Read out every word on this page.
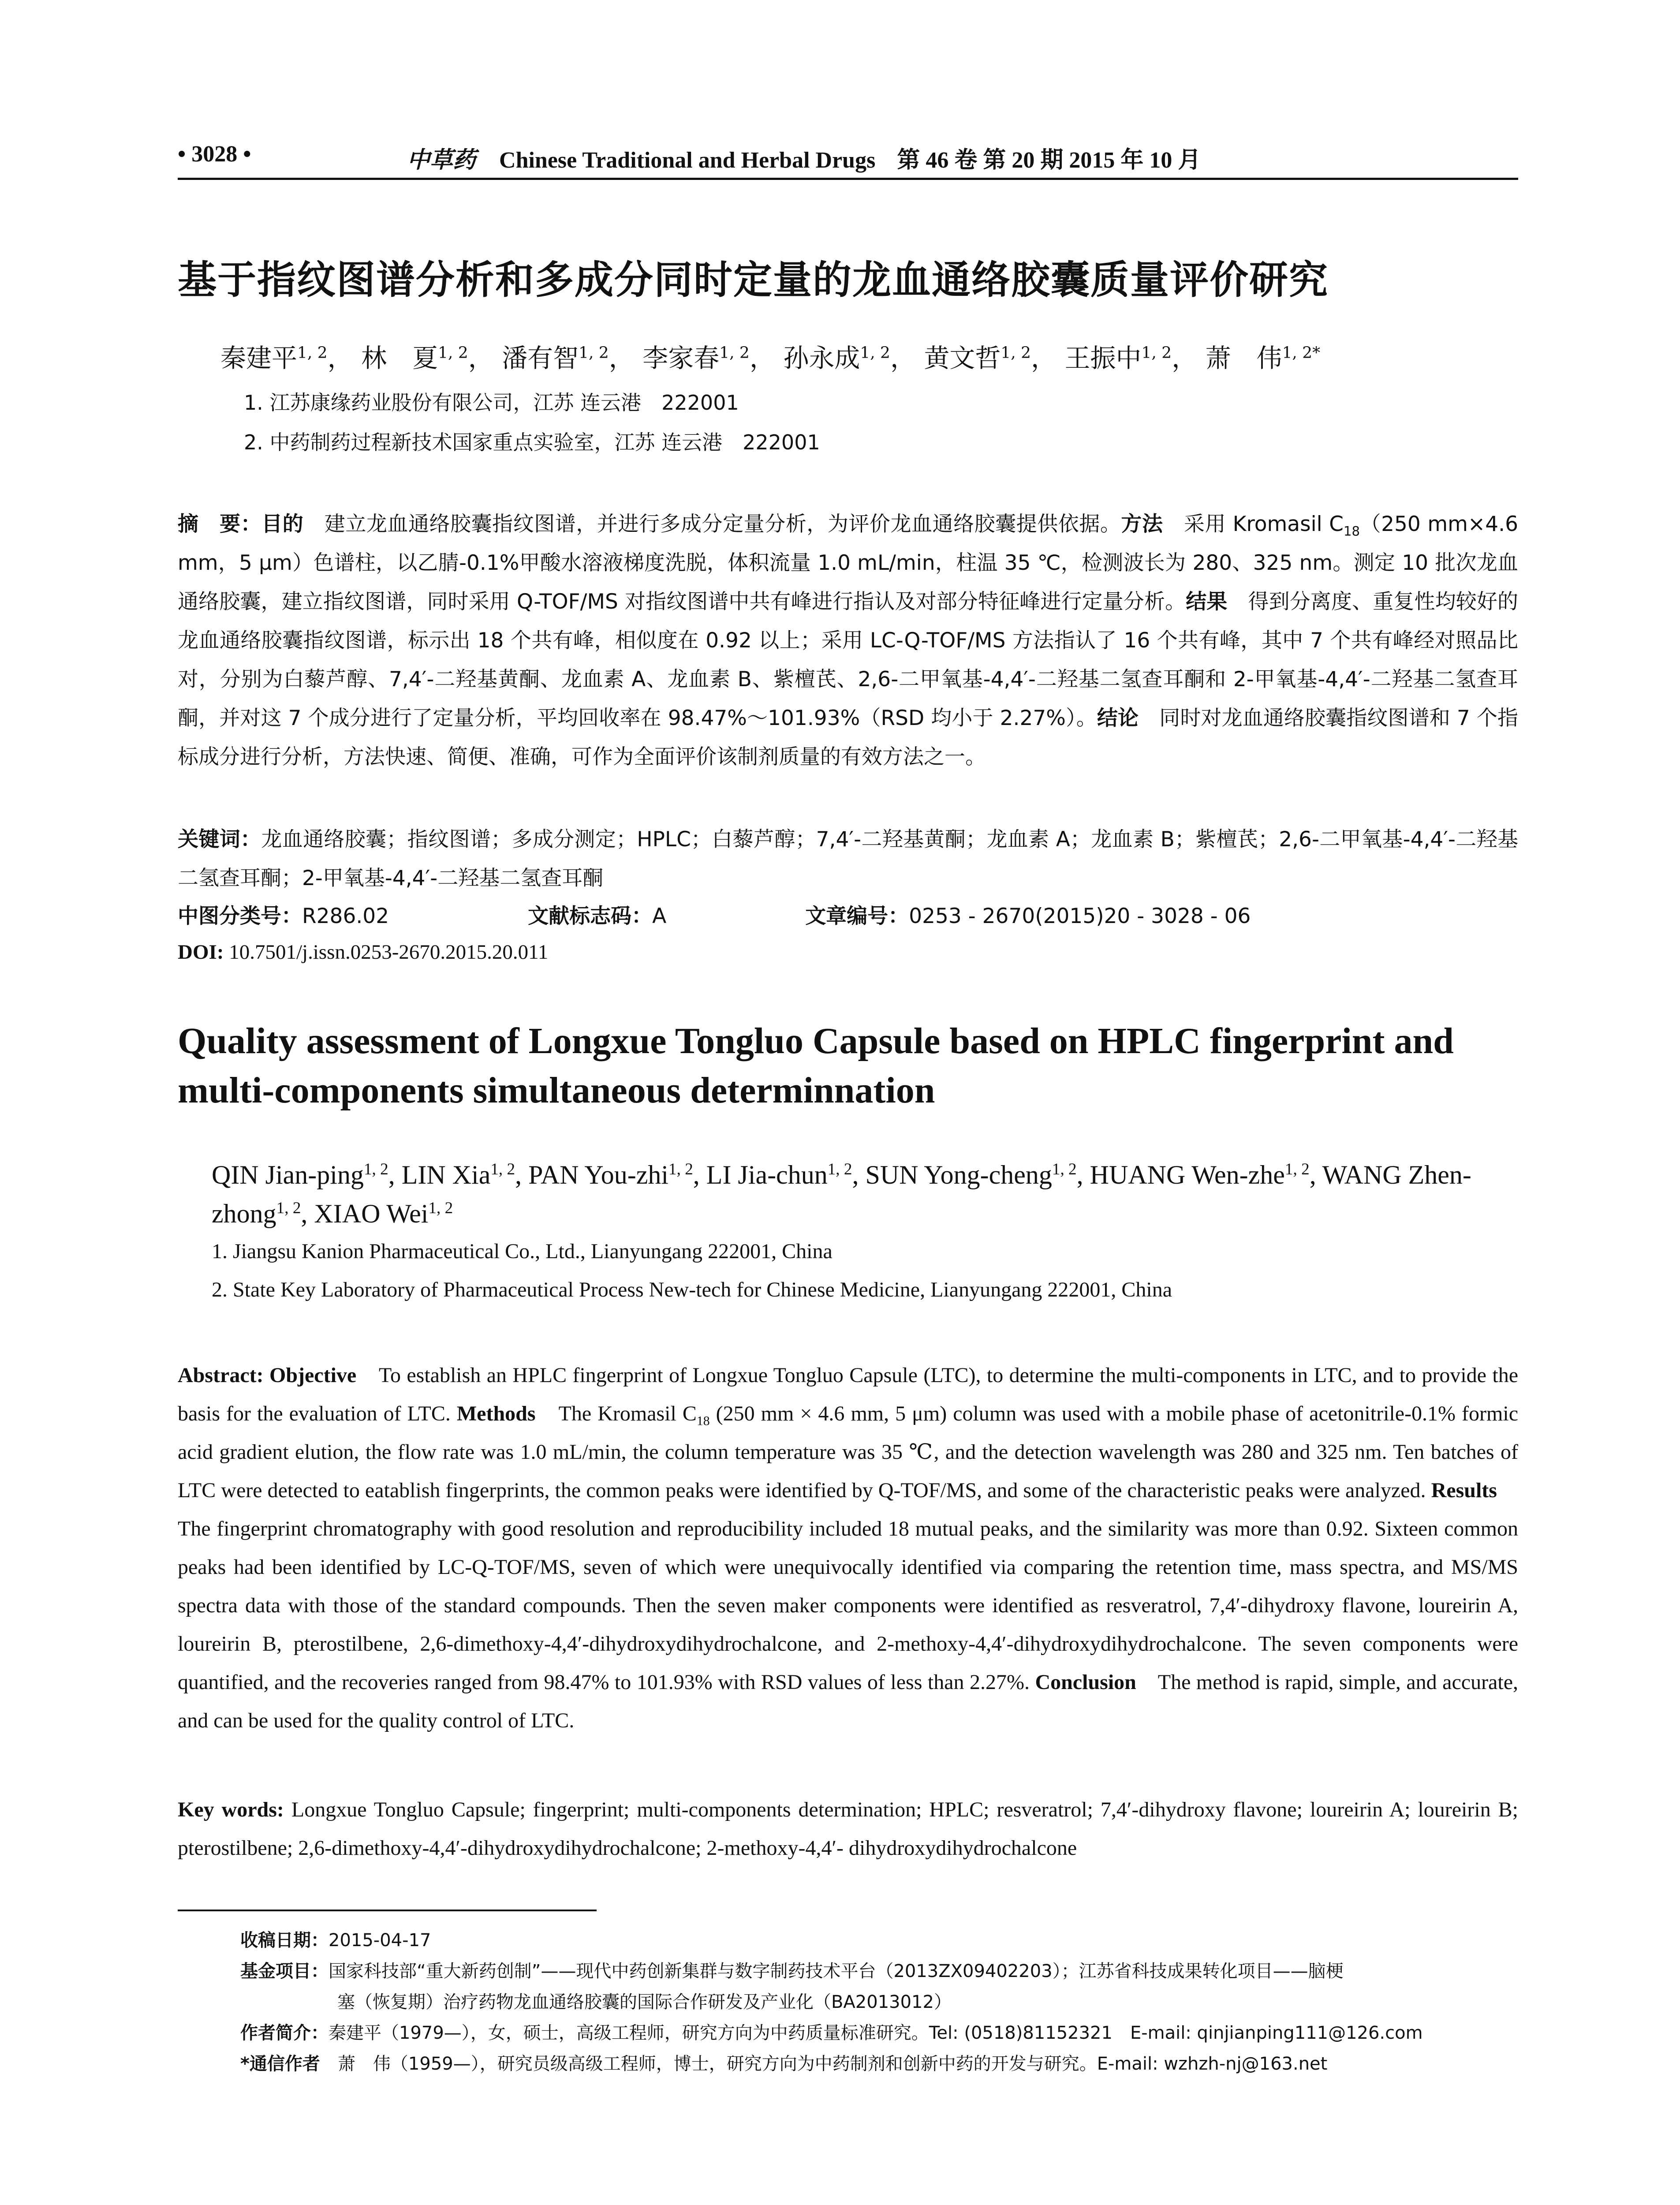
• 3028 •	中草药 Chinese Traditional and Herbal Drugs 第 46 卷 第 20 期 2015 年 10 月
基于指纹图谱分析和多成分同时定量的龙血通络胶囊质量评价研究
秦建平$^{1, 2}$， 林　夏$^{1, 2}$， 潘有智$^{1, 2}$， 李家春$^{1, 2}$， 孙永成$^{1, 2}$， 黄文哲$^{1, 2}$， 王振中$^{1, 2}$， 萧　伟$^{1, 2*}$
1. 江苏康缘药业股份有限公司，江苏 连云港　222001
2. 中药制药过程新技术国家重点实验室，江苏 连云港　222001
摘　要：目的　建立龙血通络胶囊指纹图谱，并进行多成分定量分析，为评价龙血通络胶囊提供依据。方法　采用 Kromasil $C_{18}(250$ mm×4.6 mm，5 μm）色谱柱，以乙腈-0.1%甲酸水溶液梯度洗脱，体积流量 1.0 mL/min，柱温 35 ℃，检测波长为 280、325 nm。测定 10 批次龙血通络胶囊，建立指纹图谱，同时采用 Q-TOF/MS 对指纹图谱中共有峰进行指认及对部分特征峰进行定量分析。结果　得到分离度、重复性均较好的龙血通络胶囊指纹图谱，标示出 18 个共有峰，相似度在 0.92 以上；采用 LC-Q-TOF/MS 方法指认了 16 个共有峰，其中 7 个共有峰经对照品比对，分别为白藜芦醇、7,4′-二羟基黄酮、龙血素 A、龙血素 B、紫檀芪、2,6-二甲氧基-4,4′-二羟基二氢查耳酮和 2-甲氧基-4,4′-二羟基二氢查耳酮，并对这 7 个成分进行了定量分析，平均回收率在 98.47%～101.93%（RSD 均小于 2.27%）。结论　同时对龙血通络胶囊指纹图谱和 7 个指标成分进行分析，方法快速、简便、准确，可作为全面评价该制剂质量的有效方法之一。
关键词：龙血通络胶囊；指纹图谱；多成分测定；HPLC；白藜芦醇；7,4′-二羟基黄酮；龙血素 A；龙血素 B；紫檀芪；2,6-二甲氧基-4,4′-二羟基二氢查耳酮；2-甲氧基-4,4′-二羟基二氢查耳酮
中图分类号：R286.02	文献标志码：A	文章编号：0253 - 2670(2015)20 - 3028 - 06
DOI: 10.7501/j.issn.0253-2670.2015.20.011
Quality assessment of Longxue Tongluo Capsule based on HPLC fingerprint and multi-components simultaneous determinnation
QIN Jian-ping$^{1, 2}$, LIN Xia$^{1, 2}$, PAN You-zhi$^{1, 2}$, LI Jia-chun$^{1, 2}$, SUN Yong-cheng$^{1, 2}$, HUANG Wen-zhe$^{1, 2}$, WANG Zhen-zhong$^{1, 2}$, XIAO Wei$^{1, 2}$
1. Jiangsu Kanion Pharmaceutical Co., Ltd., Lianyungang 222001, China
2. State Key Laboratory of Pharmaceutical Process New-tech for Chinese Medicine, Lianyungang 222001, China
Abstract: Objective　To establish an HPLC fingerprint of Longxue Tongluo Capsule (LTC), to determine the multi-components in LTC, and to provide the basis for the evaluation of LTC. Methods　The Kromasil $C_{18}$ (250 mm × 4.6 mm, 5 μm) column was used with a mobile phase of acetonitrile-0.1% formic acid gradient elution, the flow rate was 1.0 mL/min, the column temperature was 35 ℃, and the detection wavelength was 280 and 325 nm. Ten batches of LTC were detected to eatablish fingerprints, the common peaks were identified by Q-TOF/MS, and some of the characteristic peaks were analyzed. Results　The fingerprint chromatography with good resolution and reproducibility included 18 mutual peaks, and the similarity was more than 0.92. Sixteen common peaks had been identified by LC-Q-TOF/MS, seven of which were unequivocally identified via comparing the retention time, mass spectra, and MS/MS spectra data with those of the standard compounds. Then the seven maker components were identified as resveratrol, 7,4′-dihydroxy flavone, loureirin A, loureirin B, pterostilbene, 2,6-dimethoxy-4,4′-dihydroxydihydrochalcone, and 2-methoxy-4,4′-dihydroxydihydrochalcone. The seven components were quantified, and the recoveries ranged from 98.47% to 101.93% with RSD values of less than 2.27%. Conclusion　The method is rapid, simple, and accurate, and can be used for the quality control of LTC.
Key words: Longxue Tongluo Capsule; fingerprint; multi-components determination; HPLC; resveratrol; 7,4′-dihydroxy flavone; loureirin A; loureirin B; pterostilbene; 2,6-dimethoxy-4,4′-dihydroxydihydrochalcone; 2-methoxy-4,4′- dihydroxydihydrochalcone
收稿日期：2015-04-17
基金项目：国家科技部“重大新药创制”——现代中药创新集群与数字制药技术平台（2013ZX09402203）；江苏省科技成果转化项目——脑梗
塞（恢复期）治疗药物龙血通络胶囊的国际合作研发及产业化（BA2013012）
作者简介：秦建平（1979—），女，硕士，高级工程师，研究方向为中药质量标准研究。Tel: (0518)81152321　E-mail: qinjianping111@126.com
*通信作者　萧　伟（1959—），研究员级高级工程师，博士，研究方向为中药制剂和创新中药的开发与研究。E-mail: wzhzh-nj@163.net
